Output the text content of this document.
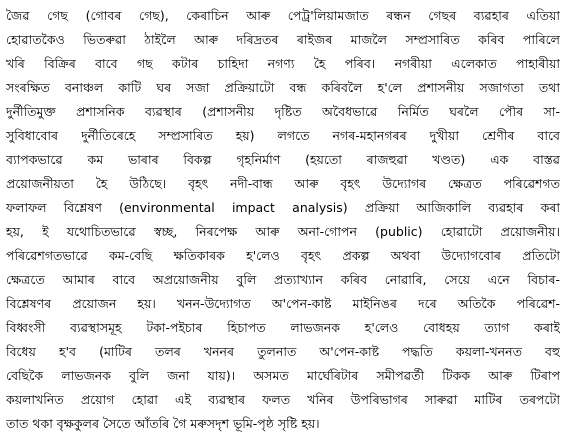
জৈৱ গেছ (গোবৰ গেছ), কেৰাচিন আৰু পেট্ৰ'লিয়ামজাত ৰন্ধন গেছৰ ব্যৱহাৰ এতিয়া
হোৱাতকৈও ভিতৰুৱা ঠাইলৈ আৰু দৰিদ্ৰতৰ ৰাইজৰ মাজলৈ সম্প্ৰসাৰিত কৰিব পাৰিলে
খৰি বিক্ৰিৰ বাবে গছ কটাৰ চাহিদা নগণ্য হৈ পৰিব। নগৰীয়া এলেকাত পাহাৰীয়া
সংৰক্ষিত বনাঞ্চল কাটি ঘৰ সজা প্ৰক্ৰিয়াটো বন্ধ কৰিবলৈ হ'লে প্ৰশাসনীয় সজাগতা তথা
দুৰ্নীতিমুক্ত প্ৰশাসনিক ব্যৱস্থাৰ (প্ৰশাসনীয় দৃষ্টিত অবৈধভাৱে নিৰ্মিত ঘৰলৈ পৌৰ সা-
সুবিধাবোৰ দুৰ্নীতিৰেহে সম্প্ৰসাৰিত হয়) লগতে নগৰ-মহানগৰৰ দুখীয়া শ্ৰেণীৰ বাবে
ব্যাপকভাৱে কম ভাৰাৰ বিকল্প গৃহনিৰ্মাণ (হয়তো ৰাজহুৱা খণ্ডত) এক বাস্তৱ
প্ৰয়োজনীয়তা হৈ উঠিছে। বৃহৎ নদী-বান্ধ আৰু বৃহৎ উদ্যোগৰ ক্ষেত্ৰত পৰিৱেশগত
ফলাফল বিশ্লেষণ (environmental impact analysis) প্ৰক্ৰিয়া আজিকালি ব্যৱহাৰ কৰা
হয়, ই যথোচিতভাৱে স্বচ্ছ, নিৰপেক্ষ আৰু অনা-গোপন (public) হোৱাটো প্ৰয়োজনীয়।
পৰিৱেশগতভাৱে কম-বেছি ক্ষতিকাৰক হ'লেও বৃহৎ প্ৰকল্প অথবা উদ্যোগবোৰ প্ৰতিটো
ক্ষেত্ৰতে আমাৰ বাবে অপ্ৰয়োজনীয় বুলি প্ৰত্যাখ্যান কৰিব নোৱাৰি, সেয়ে এনে বিচাৰ-
বিশ্লেষণৰ প্ৰয়োজন হয়। খনন-উদ্যোগত অ'পেন-কাষ্ট মাইনিঙৰ দৰে অতিকৈ পৰিৱেশ-
বিধ্বংসী ব্যৱস্থাসমূহ টকা-পইচাৰ হিচাপত লাভজনক হ'লেও বোধহয় ত্যাগ কৰাই
বিধেয় হ'ব (মাটিৰ তলৰ খননৰ তুলনাত অ'পেন-কাষ্ট পদ্ধতি কয়লা-খননত বহু
বেছিকৈ লাভজনক বুলি জনা যায়)। অসমত মাৰ্ঘেৰিটাৰ সমীপৱৰ্তী টিকক আৰু টিৰাপ
কয়লাখনিত প্ৰয়োগ হোৱা এই ব্যৱস্থাৰ ফলত খনিৰ উপৰিভাগৰ সাৰুৱা মাটিৰ তৰপটো
তাত থকা বৃক্ষকুলৰ সৈতে আঁতৰি গৈ মৰুসদৃশ ভূমি-পৃষ্ঠ সৃষ্টি হয়।
